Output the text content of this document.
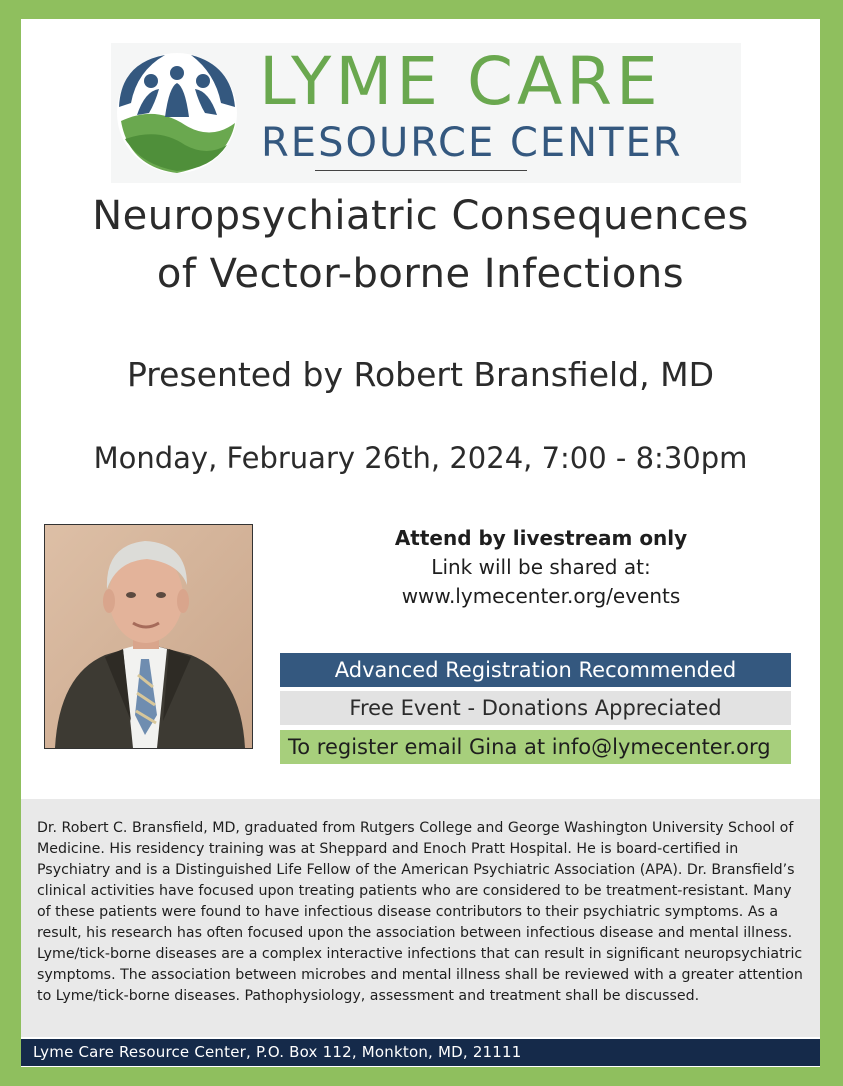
LYME CARE
RESOURCE CENTER
Neuropsychiatric Consequences
of Vector-borne Infections
Presented by Robert Bransfield, MD
Monday, February 26th, 2024, 7:00 - 8:30pm
Attend by livestream only
Link will be shared at:
www.lymecenter.org/events
Advanced Registration Recommended
Free Event - Donations Appreciated
To register email Gina at info@lymecenter.org

Dr. Robert C. Bransfield, MD, graduated from Rutgers College and George Washington University School of Medicine. His residency training was at Sheppard and Enoch Pratt Hospital. He is board-certified in Psychiatry and is a Distinguished Life Fellow of the American Psychiatric Association (APA). Dr. Bransfield’s clinical activities have focused upon treating patients who are considered to be treatment-resistant. Many of these patients were found to have infectious disease contributors to their psychiatric symptoms. As a result, his research has often focused upon the association between infectious disease and mental illness. Lyme/tick-borne diseases are a complex interactive infections that can result in significant neuropsychiatric symptoms. The association between microbes and mental illness shall be reviewed with a greater attention to Lyme/tick-borne diseases. Pathophysiology, assessment and treatment shall be discussed.

Lyme Care Resource Center, P.O. Box 112, Monkton, MD, 21111
